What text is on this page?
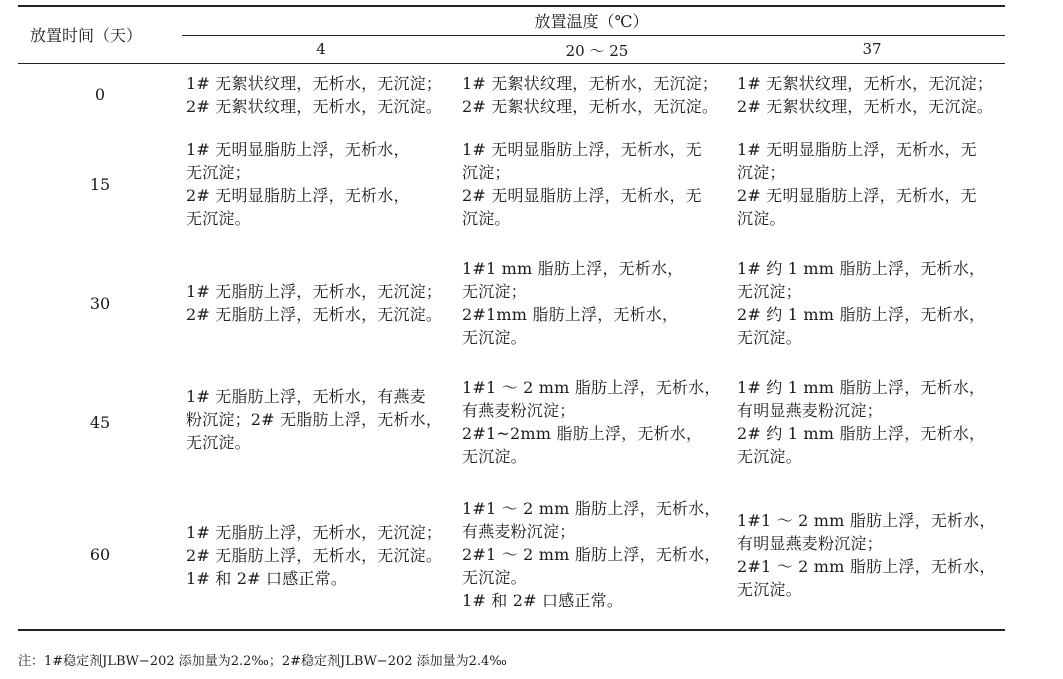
放置时间（天）
放置温度（℃）
4	20 ～ 25	37
0
1# 无絮状纹理，无析水，无沉淀；
2# 无絮状纹理，无析水，无沉淀。
1# 无絮状纹理，无析水，无沉淀；
2# 无絮状纹理，无析水，无沉淀。
1# 无絮状纹理，无析水，无沉淀；
2# 无絮状纹理，无析水，无沉淀。
15
1# 无明显脂肪上浮，无析水，
无沉淀；
2# 无明显脂肪上浮，无析水，
无沉淀。
1# 无明显脂肪上浮，无析水，无
沉淀；
2# 无明显脂肪上浮，无析水，无
沉淀。
1# 无明显脂肪上浮，无析水，无
沉淀；
2# 无明显脂肪上浮，无析水，无
沉淀。
30
1# 无脂肪上浮，无析水，无沉淀；
2# 无脂肪上浮，无析水，无沉淀。
1#1 mm 脂肪上浮，无析水，
无沉淀；
2#1mm 脂肪上浮，无析水，
无沉淀。
1# 约 1 mm 脂肪上浮，无析水，
无沉淀；
2# 约 1 mm 脂肪上浮，无析水，
无沉淀。
45
1# 无脂肪上浮，无析水，有燕麦
粉沉淀；2# 无脂肪上浮，无析水，
无沉淀。
1#1 ～ 2 mm 脂肪上浮，无析水，
有燕麦粉沉淀；
2#1~2mm 脂肪上浮，无析水，
无沉淀。
1# 约 1 mm 脂肪上浮，无析水，
有明显燕麦粉沉淀；
2# 约 1 mm 脂肪上浮，无析水，
无沉淀。
60
1# 无脂肪上浮，无析水，无沉淀；
2# 无脂肪上浮，无析水，无沉淀。
1# 和 2# 口感正常。
1#1 ～ 2 mm 脂肪上浮，无析水，
有燕麦粉沉淀；
2#1 ～ 2 mm 脂肪上浮，无析水，
无沉淀。
1# 和 2# 口感正常。
1#1 ～ 2 mm 脂肪上浮，无析水，
有明显燕麦粉沉淀；
2#1 ～ 2 mm 脂肪上浮，无析水，
无沉淀。
注：1#稳定剂JLBW−202 添加量为2.2‰；2#稳定剂JLBW−202 添加量为2.4‰
